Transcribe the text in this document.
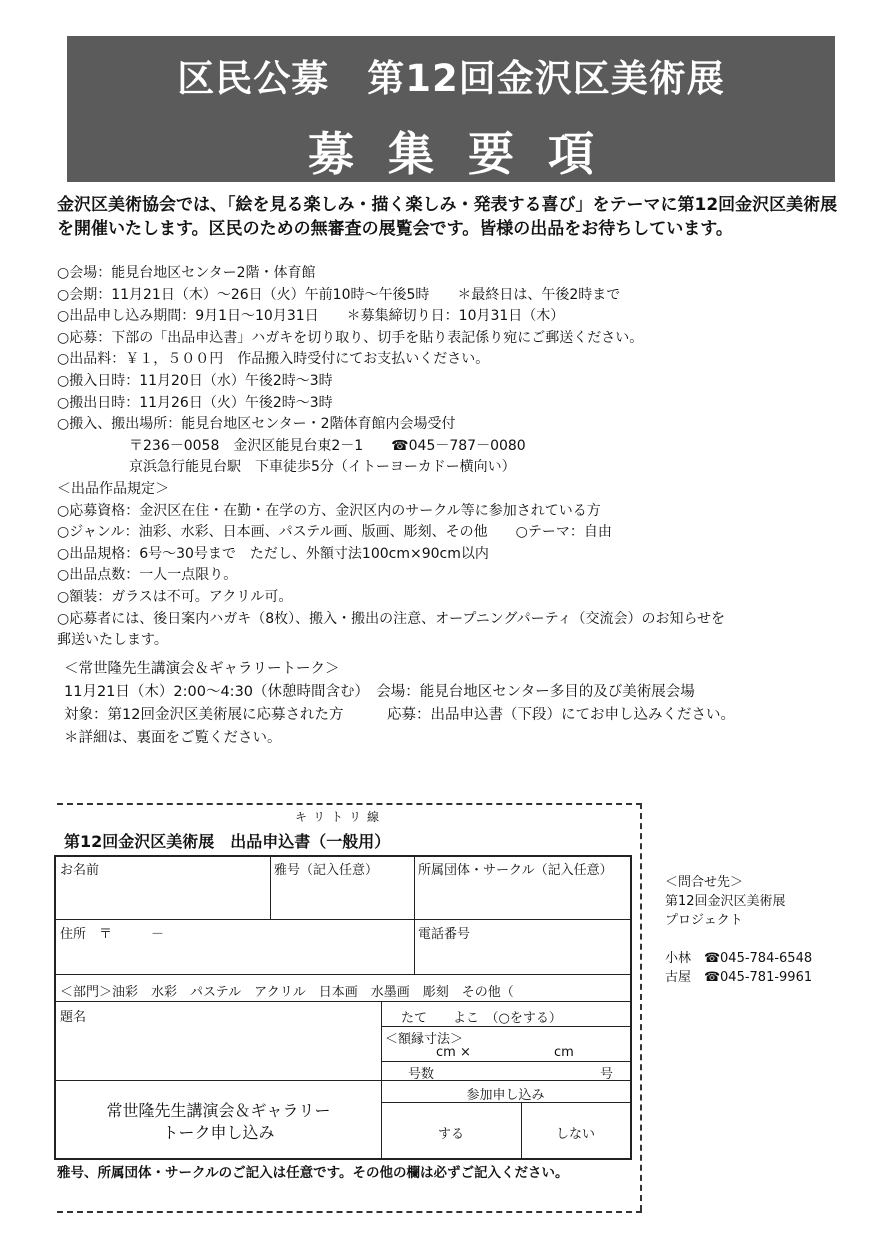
区民公募　第12回金沢区美術展
募集要項
金沢区美術協会では、「絵を見る楽しみ・描く楽しみ・発表する喜び」をテーマに第12回金沢区美術展を開催いたします。区民のための無審査の展覧会です。皆様の出品をお待ちしています。
○会場：能見台地区センター2階・体育館
○会期：11月21日（木）～26日（火）午前10時～午後5時　　＊最終日は、午後2時まで
○出品申し込み期間：9月1日～10月31日　　＊募集締切り日：10月31日（木）
○応募：下部の「出品申込書」ハガキを切り取り、切手を貼り表記係り宛にご郵送ください。
○出品料：￥１，５００円　作品搬入時受付にてお支払いください。
○搬入日時：11月20日（水）午後2時～3時
○搬出日時：11月26日（火）午後2時～3時
○搬入、搬出場所：能見台地区センター・2階体育館内会場受付
〒236－0058　金沢区能見台東2－1　　☎045－787－0080
京浜急行能見台駅　下車徒歩5分（イトーヨーカドー横向い）
＜出品作品規定＞
○応募資格：金沢区在住・在勤・在学の方、金沢区内のサークル等に参加されている方
○ジャンル：油彩、水彩、日本画、パステル画、版画、彫刻、その他　　○テーマ：自由
○出品規格：6号～30号まで　ただし、外額寸法100cm×90cm以内
○出品点数：一人一点限り。
○額装：ガラスは不可。アクリル可。
○応募者には、後日案内ハガキ（8枚）、搬入・搬出の注意、オープニングパーティ（交流会）のお知らせを
郵送いたします。
＜常世隆先生講演会＆ギャラリートーク＞
11月21日（木）2:00～4:30（休憩時間含む）　会場：能見台地区センター多目的及び美術展会場
対象：第12回金沢区美術展に応募された方　　　応募：出品申込書（下段）にてお申し込みください。
＊詳細は、裏面をご覧ください。
キリトリ線
第12回金沢区美術展　出品申込書（一般用）
お名前	雅号（記入任意）	所属団体・サークル（記入任意）
住所　〒　　　－	電話番号
＜部門＞油彩　水彩　パステル　アクリル　日本画　水墨画　彫刻　その他（
題名	たて　　よこ　（○をする）
＜額縁寸法＞
cm ×	cm
号数	号
常世隆先生講演会＆ギャラリー
トーク申し込み
参加申し込み
する	しない
雅号、所属団体・サークルのご記入は任意です。その他の欄は必ずご記入ください。
＜問合せ先＞
第12回金沢区美術展
プロジェクト
小林　 ☎045-784-6548
古屋　 ☎045-781-9961
